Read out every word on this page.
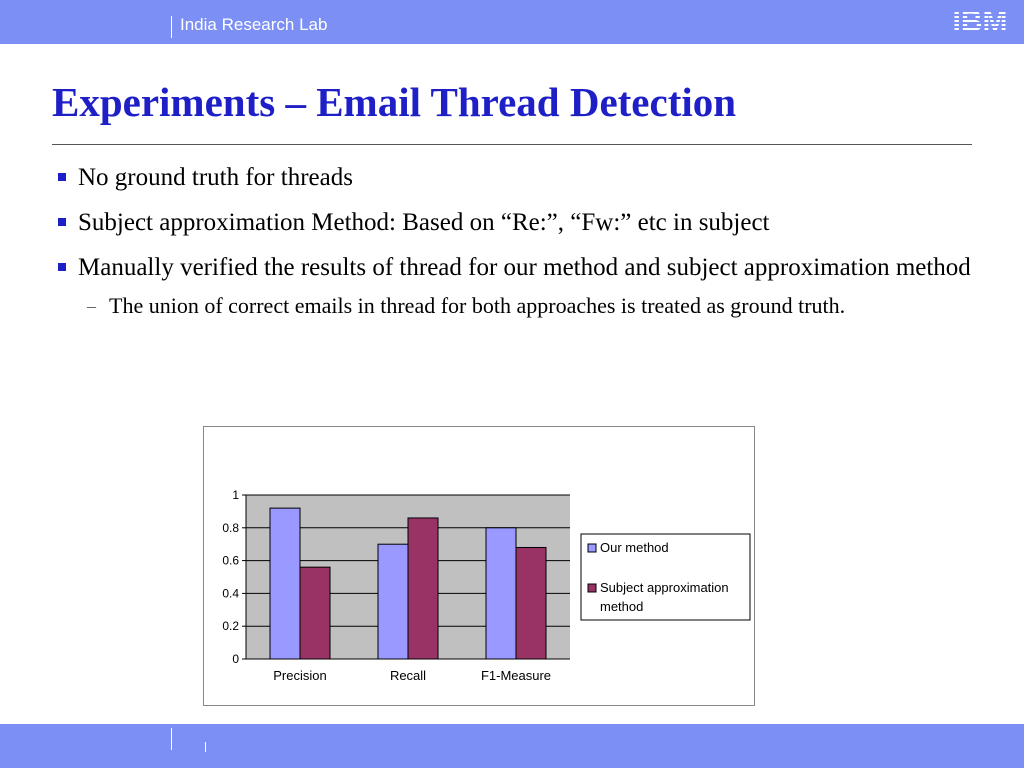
India Research Lab	IBM
Experiments – Email Thread Detection
No ground truth for threads
Subject approximation Method: Based on “Re:”, “Fw:” etc in subject
Manually verified the results of thread for our method and subject approximation method
– The union of correct emails in thread for both approaches is treated as ground truth.
0
0.2
0.4
0.6
0.8
1
Precision	Recall	F1-Measure
Our method
Subject approximation
method
